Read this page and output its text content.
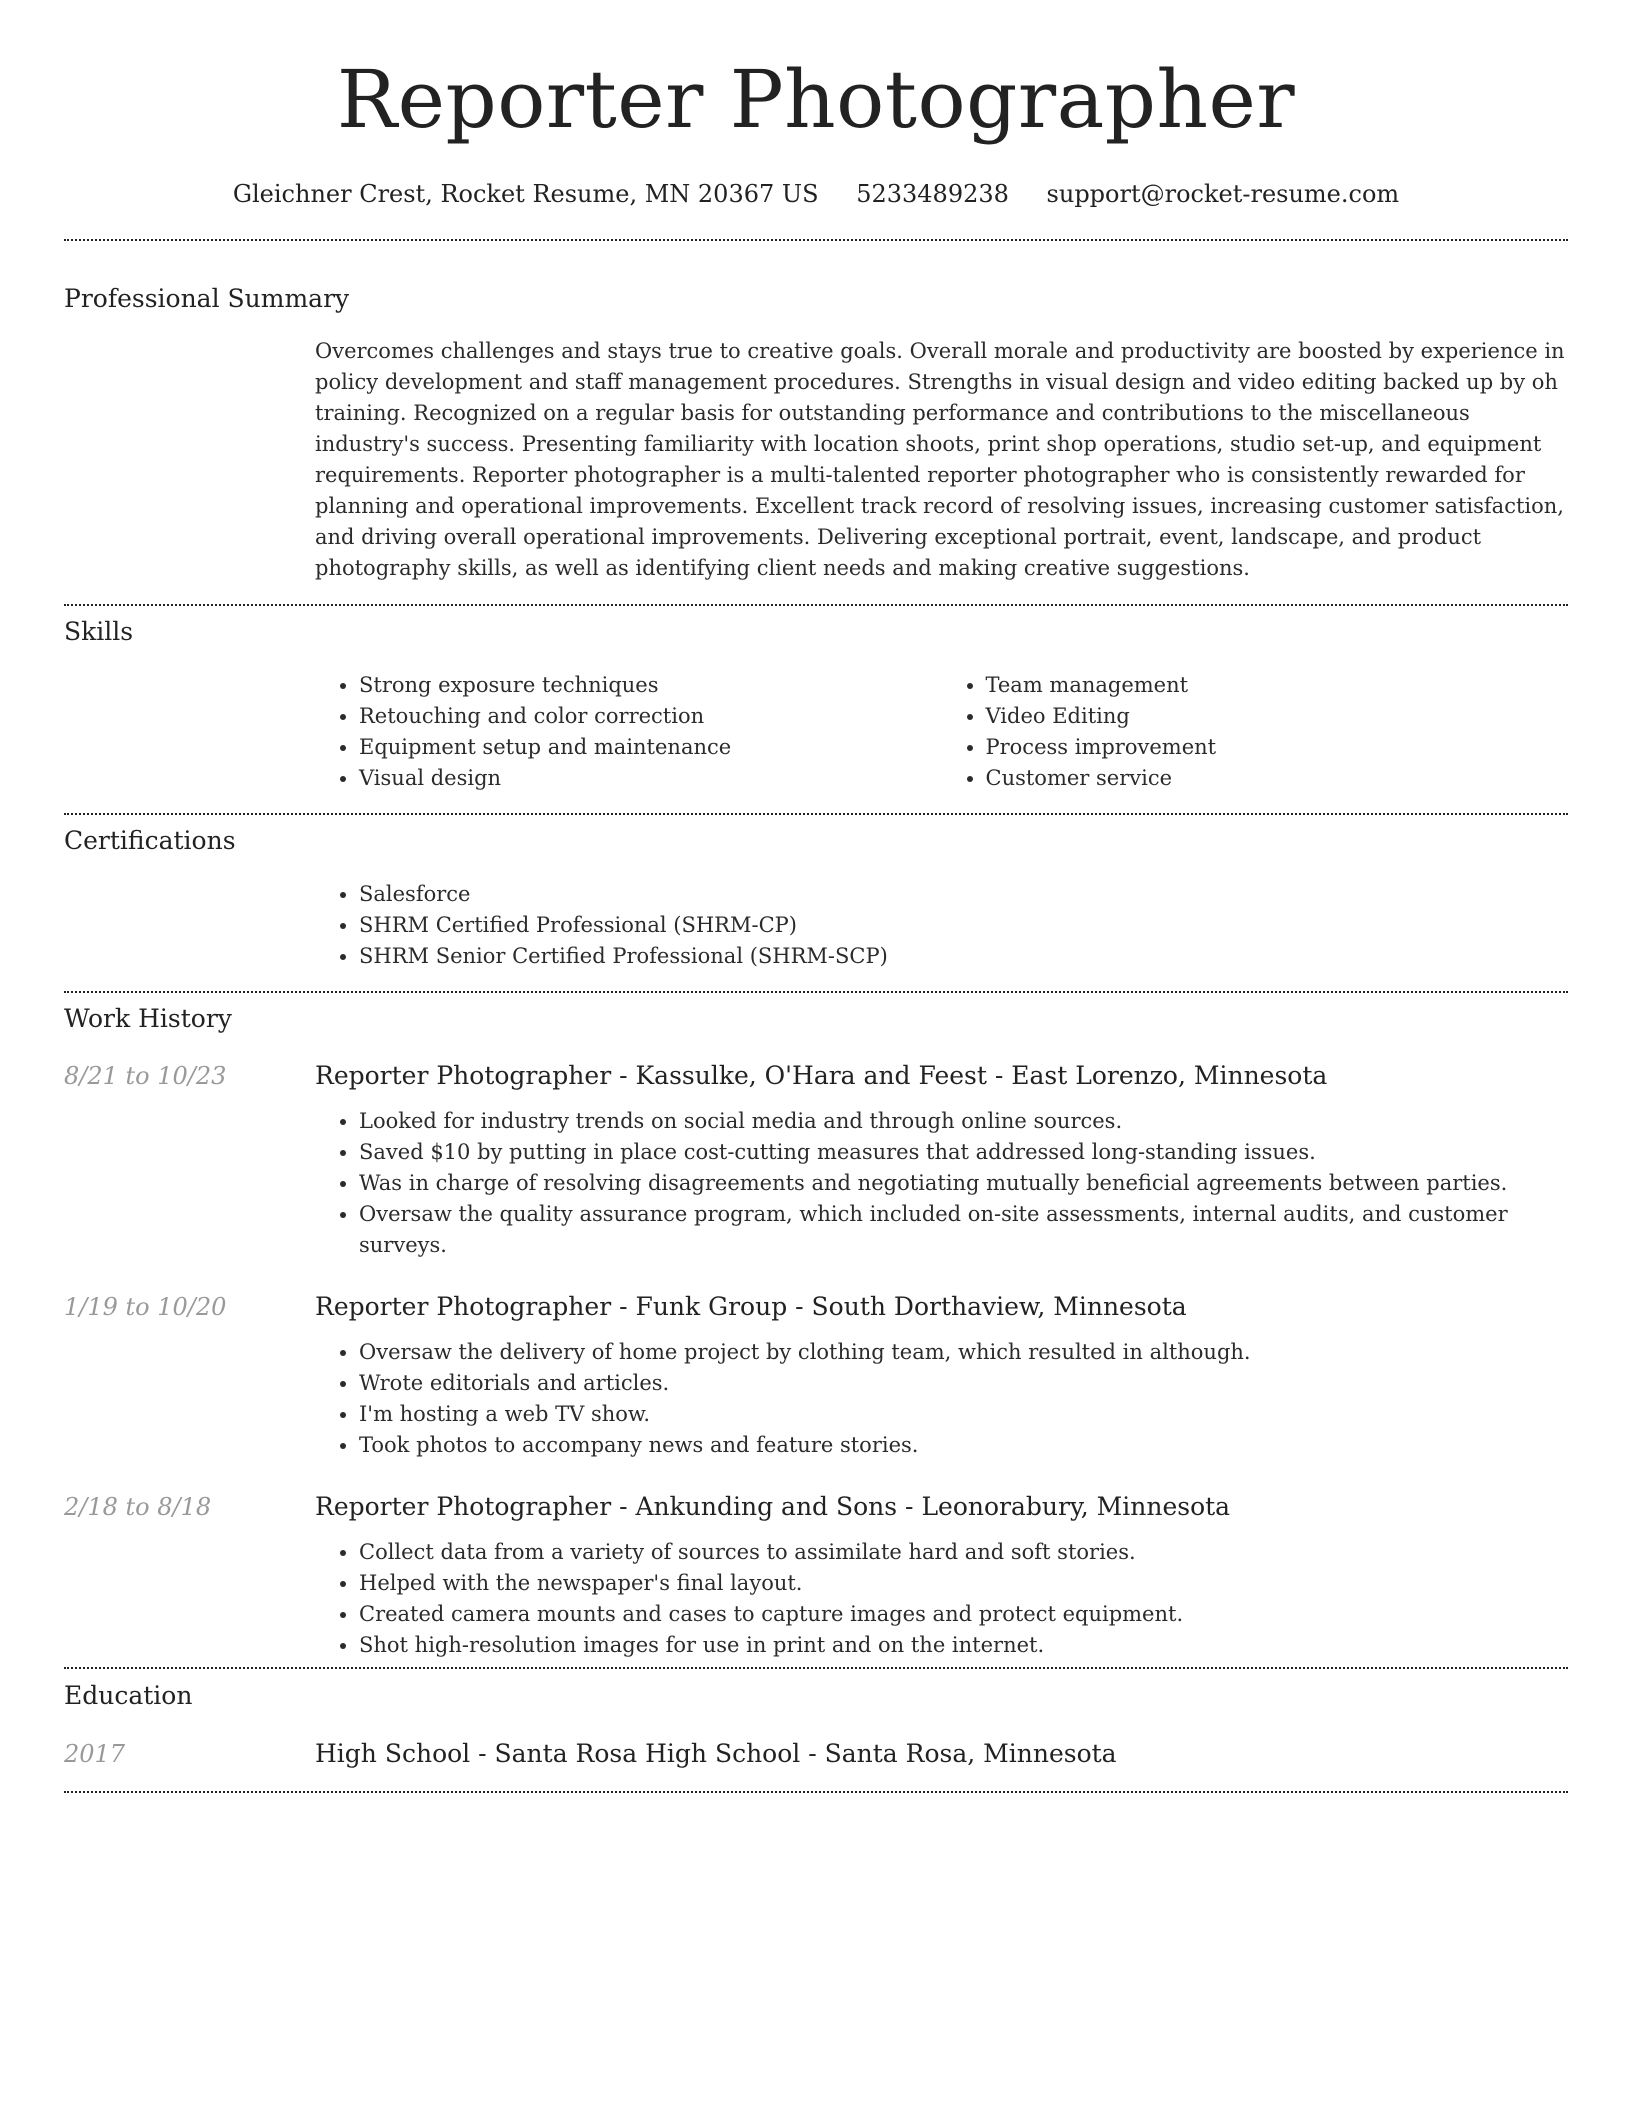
Reporter Photographer
Gleichner Crest, Rocket Resume, MN 20367 US 5233489238 support@rocket-resume.com
Professional Summary

Overcomes challenges and stays true to creative goals. Overall morale and productivity are boosted by experience in policy development and staff management procedures. Strengths in visual design and video editing backed up by oh training. Recognized on a regular basis for outstanding performance and contributions to the miscellaneous industry's success. Presenting familiarity with location shoots, print shop operations, studio set-up, and equipment requirements. Reporter photographer is a multi-talented reporter photographer who is consistently rewarded for planning and operational improvements. Excellent track record of resolving issues, increasing customer satisfaction, and driving overall operational improvements. Delivering exceptional portrait, event, landscape, and product photography skills, as well as identifying client needs and making creative suggestions.

Skills
• Strong exposure techniques
• Retouching and color correction
• Equipment setup and maintenance
• Visual design
• Team management
• Video Editing
• Process improvement
• Customer service
Certifications
• Salesforce
• SHRM Certified Professional (SHRM-CP)
• SHRM Senior Certified Professional (SHRM-SCP)
Work History
8/21 to 10/23	Reporter Photographer - Kassulke, O'Hara and Feest - East Lorenzo, Minnesota
• Looked for industry trends on social media and through online sources.
• Saved $10 by putting in place cost-cutting measures that addressed long-standing issues.
• Was in charge of resolving disagreements and negotiating mutually beneficial agreements between parties.
• Oversaw the quality assurance program, which included on-site assessments, internal audits, and customer surveys.
1/19 to 10/20	Reporter Photographer - Funk Group - South Dorthaview, Minnesota
• Oversaw the delivery of home project by clothing team, which resulted in although.
• Wrote editorials and articles.
• I'm hosting a web TV show.
• Took photos to accompany news and feature stories.
2/18 to 8/18	Reporter Photographer - Ankunding and Sons - Leonorabury, Minnesota
• Collect data from a variety of sources to assimilate hard and soft stories.
• Helped with the newspaper's final layout.
• Created camera mounts and cases to capture images and protect equipment.
• Shot high-resolution images for use in print and on the internet.
Education
2017	High School - Santa Rosa High School - Santa Rosa, Minnesota
